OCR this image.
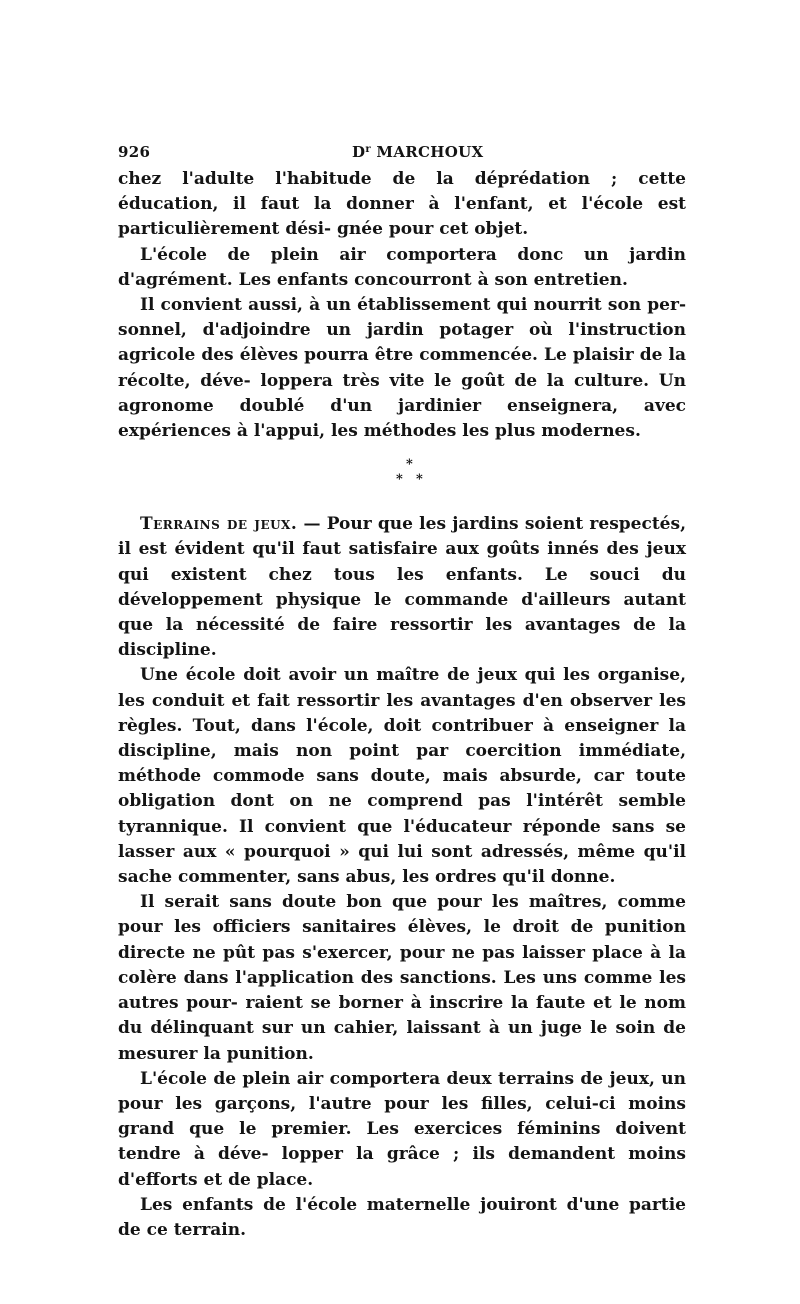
926	$D^r$ MARCHOUX

chez l'adulte l'habitude de la déprédation ; cette éducation, il faut la donner à l'enfant, et l'école est particulièrement dési- gnée pour cet objet.

L'école de plein air comportera donc un jardin d'agrément. Les enfants concourront à son entretien.

Il convient aussi, à un établissement qui nourrit son per- sonnel, d'adjoindre un jardin potager où l'instruction agricole des élèves pourra être commencée. Le plaisir de la récolte, déve- loppera très vite le goût de la culture. Un agronome doublé d'un jardinier enseignera, avec expériences à l'appui, les méthodes les plus modernes.

*
* *

Terrains de jeux. — Pour que les jardins soient respectés, il est évident qu'il faut satisfaire aux goûts innés des jeux qui existent chez tous les enfants. Le souci du développement physique le commande d'ailleurs autant que la nécessité de faire ressortir les avantages de la discipline.

Une école doit avoir un maître de jeux qui les organise, les conduit et fait ressortir les avantages d'en observer les règles. Tout, dans l'école, doit contribuer à enseigner la discipline, mais non point par coercition immédiate, méthode commode sans doute, mais absurde, car toute obligation dont on ne comprend pas l'intérêt semble tyrannique. Il convient que l'éducateur réponde sans se lasser aux « pourquoi » qui lui sont adressés, même qu'il sache commenter, sans abus, les ordres qu'il donne.

Il serait sans doute bon que pour les maîtres, comme pour les officiers sanitaires élèves, le droit de punition directe ne pût pas s'exercer, pour ne pas laisser place à la colère dans l'application des sanctions. Les uns comme les autres pour- raient se borner à inscrire la faute et le nom du délinquant sur un cahier, laissant à un juge le soin de mesurer la punition.

L'école de plein air comportera deux terrains de jeux, un pour les garçons, l'autre pour les filles, celui-ci moins grand que le premier. Les exercices féminins doivent tendre à déve- lopper la grâce ; ils demandent moins d'efforts et de place.

Les enfants de l'école maternelle jouiront d'une partie de ce terrain.
